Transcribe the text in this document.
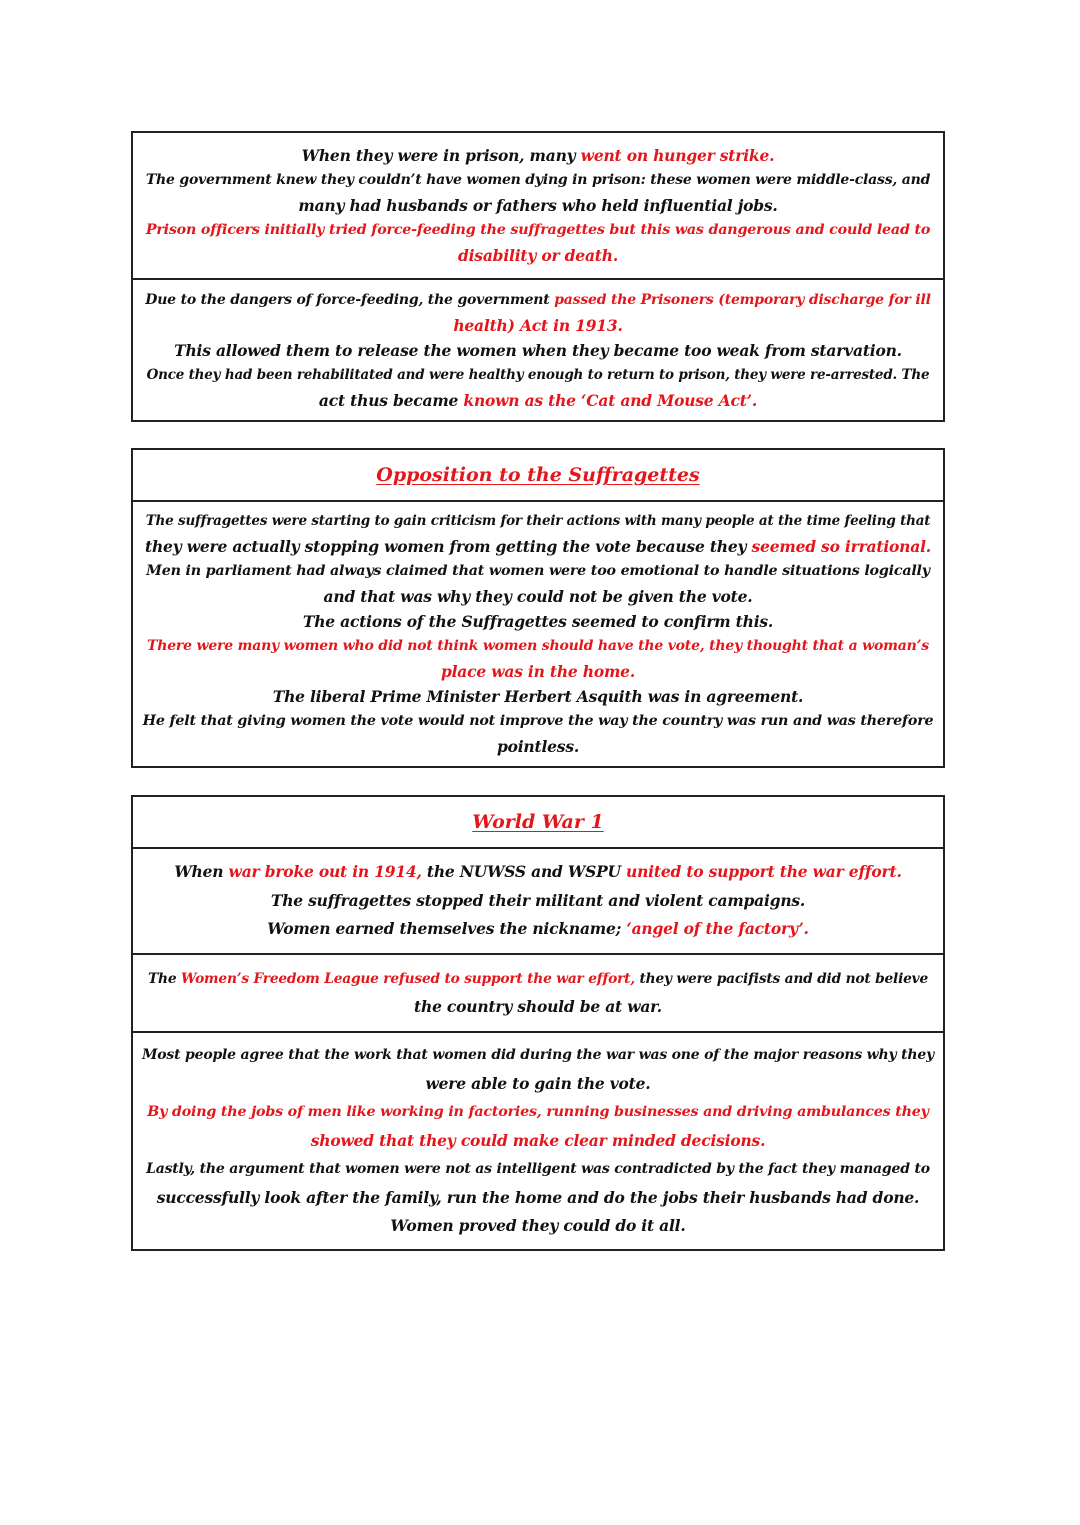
When they were in prison, many went on hunger strike.
The government knew they couldn’t have women dying in prison: these women were middle-class, and
many had husbands or fathers who held influential jobs.
Prison officers initially tried force-feeding the suffragettes but this was dangerous and could lead to
disability or death.
Due to the dangers of force-feeding, the government passed the Prisoners (temporary discharge for ill
health) Act in 1913.
This allowed them to release the women when they became too weak from starvation.
Once they had been rehabilitated and were healthy enough to return to prison, they were re-arrested. The
act thus became known as the ‘Cat and Mouse Act’.
Opposition to the Suffragettes
The suffragettes were starting to gain criticism for their actions with many people at the time feeling that
they were actually stopping women from getting the vote because they seemed so irrational.
Men in parliament had always claimed that women were too emotional to handle situations logically
and that was why they could not be given the vote.
The actions of the Suffragettes seemed to confirm this.
There were many women who did not think women should have the vote, they thought that a woman’s
place was in the home.
The liberal Prime Minister Herbert Asquith was in agreement.
He felt that giving women the vote would not improve the way the country was run and was therefore
pointless.
World War 1
When war broke out in 1914, the NUWSS and WSPU united to support the war effort.
The suffragettes stopped their militant and violent campaigns.
Women earned themselves the nickname; ‘angel of the factory’.
The Women’s Freedom League refused to support the war effort, they were pacifists and did not believe
the country should be at war.
Most people agree that the work that women did during the war was one of the major reasons why they
were able to gain the vote.
By doing the jobs of men like working in factories, running businesses and driving ambulances they
showed that they could make clear minded decisions.
Lastly, the argument that women were not as intelligent was contradicted by the fact they managed to
successfully look after the family, run the home and do the jobs their husbands had done.
Women proved they could do it all.
